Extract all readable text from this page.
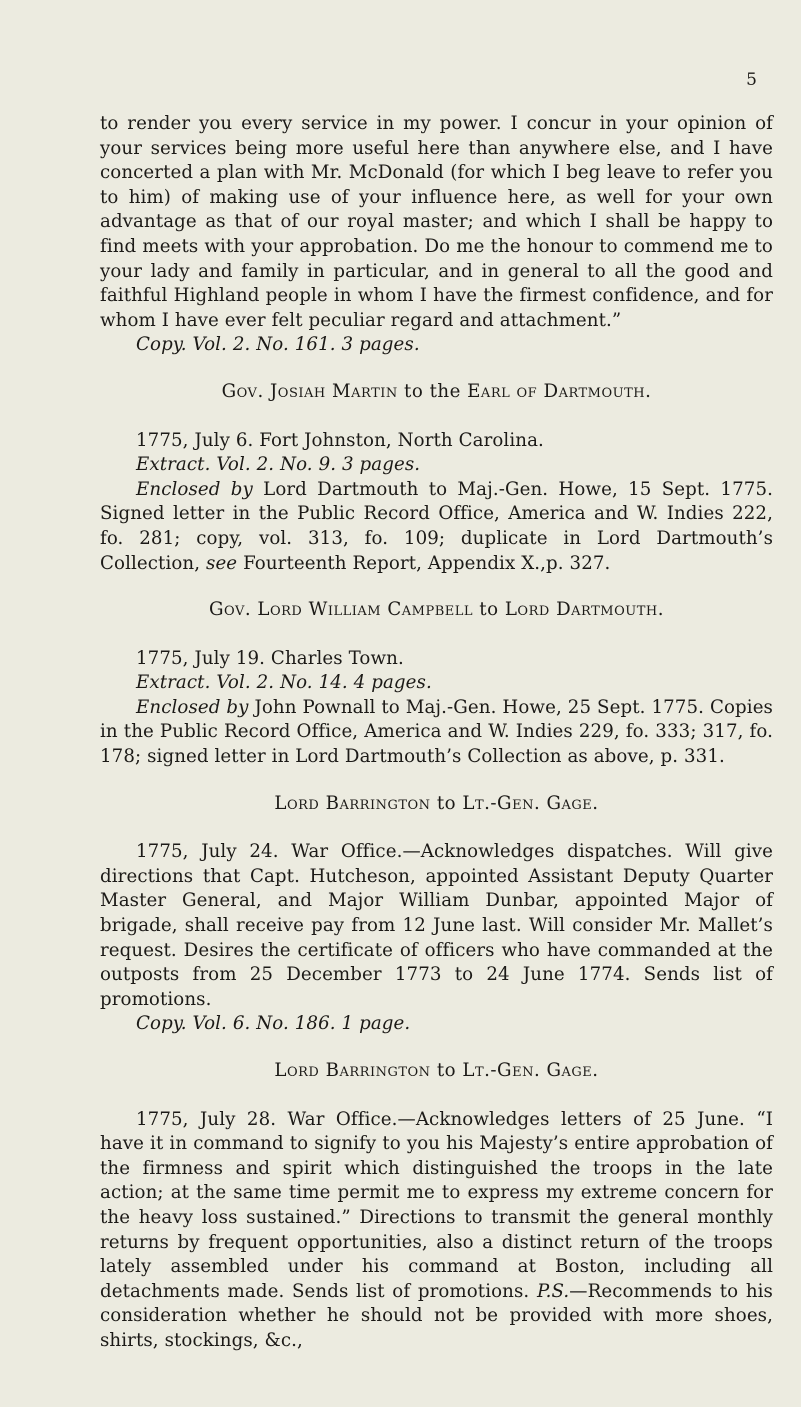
5

to render you every service in my power. I concur in your opinion of your services being more useful here than anywhere else, and I have concerted a plan with Mr. McDonald (for which I beg leave to refer you to him) of making use of your influence here, as well for your own advantage as that of our royal master; and which I shall be happy to find meets with your approbation. Do me the honour to commend me to your lady and family in particular, and in general to all the good and faithful Highland people in whom I have the firmest confidence, and for whom I have ever felt peculiar regard and attachment.”

Copy. Vol. 2. No. 161. 3 pages.

Gov. Josiah Martin to the Earl of Dartmouth.

1775, July 6. Fort Johnston, North Carolina.

Extract. Vol. 2. No. 9. 3 pages.

Enclosed by Lord Dartmouth to Maj.-Gen. Howe, 15 Sept. 1775. Signed letter in the Public Record Office, America and W. Indies 222, fo. 281; copy, vol. 313, fo. 109; duplicate in Lord Dartmouth’s Collection, see Fourteenth Report, Appendix X.,p. 327.

Gov. Lord William Campbell to Lord Dartmouth.

1775, July 19. Charles Town.

Extract. Vol. 2. No. 14. 4 pages.

Enclosed by John Pownall to Maj.-Gen. Howe, 25 Sept. 1775. Copies in the Public Record Office, America and W. Indies 229, fo. 333; 317, fo. 178; signed letter in Lord Dartmouth’s Collection as above, p. 331.

Lord Barrington to Lt.-Gen. Gage.

1775, July 24. War Office.—Acknowledges dispatches. Will give directions that Capt. Hutcheson, appointed Assistant Deputy Quarter Master General, and Major William Dunbar, appointed Major of brigade, shall receive pay from 12 June last. Will consider Mr. Mallet’s request. Desires the certificate of officers who have commanded at the outposts from 25 December 1773 to 24 June 1774. Sends list of promotions.

Copy. Vol. 6. No. 186. 1 page.

Lord Barrington to Lt.-Gen. Gage.

1775, July 28. War Office.—Acknowledges letters of 25 June. “I have it in command to signify to you his Majesty’s entire approbation of the firmness and spirit which distinguished the troops in the late action; at the same time permit me to express my extreme concern for the heavy loss sustained.” Directions to transmit the general monthly returns by frequent opportunities, also a distinct return of the troops lately assembled under his command at Boston, including all detachments made. Sends list of promotions. P.S.—Recommends to his consideration whether he should not be provided with more shoes, shirts, stockings, &c.,
